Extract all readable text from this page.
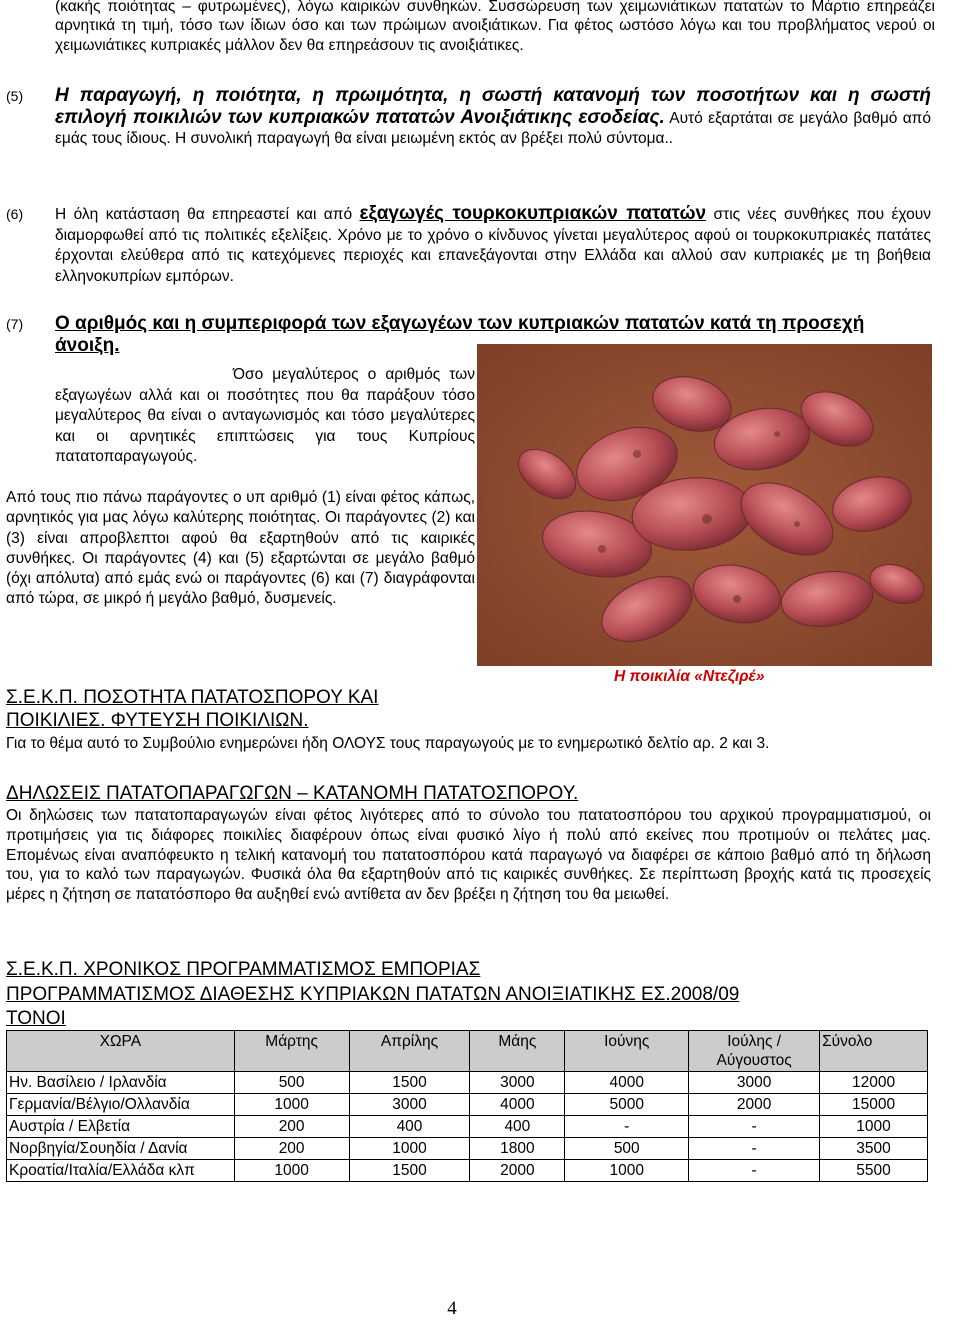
(κακής ποιότητας – φυτρωμένες), λόγω καιρικών συνθηκών. Συσσώρευση των χειμωνιάτικων πατατών το Μάρτιο επηρεάζει αρνητικά τη τιμή, τόσο των ίδιων όσο και των πρώιμων ανοιξιάτικων. Για φέτος ωστόσο λόγω και του προβλήματος νερού οι χειμωνιάτικες κυπριακές μάλλον δεν θα επηρεάσουν τις ανοιξιάτικες.

(5) Η παραγωγή, η ποιότητα, η πρωιμότητα, η σωστή κατανομή των ποσοτήτων και η σωστή επιλογή ποικιλιών των κυπριακών πατατών Ανοιξιάτικης εσοδείας. Αυτό εξαρτάται σε μεγάλο βαθμό από εμάς τους ίδιους. Η συνολική παραγωγή θα είναι μειωμένη εκτός αν βρέξει πολύ σύντομα..
(6) Η όλη κατάσταση θα επηρεαστεί και από εξαγωγές τουρκοκυπριακών πατατών στις νέες συνθήκες που έχουν διαμορφωθεί από τις πολιτικές εξελίξεις. Χρόνο με το χρόνο ο κίνδυνος γίνεται μεγαλύτερος αφού οι τουρκοκυπριακές πατάτες έρχονται ελεύθερα από τις κατεχόμενες περιοχές και επανεξάγονται στην Ελλάδα και αλλού σαν κυπριακές με τη βοήθεια ελληνοκυπρίων εμπόρων.
(7) Ο αριθμός και η συμπεριφορά των εξαγωγέων των κυπριακών πατατών κατά τη προσεχή άνοιξη.

Όσο μεγαλύτερος ο αριθμός των εξαγωγέων αλλά και οι ποσότητες που θα παράξουν τόσο μεγαλύτερος θα είναι ο ανταγωνισμός και τόσο μεγαλύτερες και οι αρνητικές επιπτώσεις για τους Κυπρίους πατατοπαραγωγούς.

Από τους πιο πάνω παράγοντες ο υπ αριθμό (1) είναι φέτος κάπως, αρνητικός για μας λόγω καλύτερης ποιότητας. Οι παράγοντες (2) και (3) είναι απροβλεπτοι αφού θα εξαρτηθούν από τις καιρικές συνθήκες. Οι παράγοντες (4) και (5) εξαρτώνται σε μεγάλο βαθμό (όχι απόλυτα) από εμάς ενώ οι παράγοντες (6) και (7) διαγράφονται από τώρα, σε μικρό ή μεγάλο βαθμό, δυσμενείς.

Η ποικιλία «Ντεζιρέ»
Σ.Ε.Κ.Π. ΠΟΣΟΤΗΤΑ ΠΑΤΑΤΟΣΠΟΡΟΥ ΚΑΙ ΠΟΙΚΙΛΙΕΣ. ΦΥΤΕΥΣΗ ΠΟΙΚΙΛΙΩΝ.

Για το θέμα αυτό το Συμβούλιο ενημερώνει ήδη ΟΛΟΥΣ τους παραγωγούς με το ενημερωτικό δελτίο αρ. 2 και 3.

ΔΗΛΩΣΕΙΣ ΠΑΤΑΤΟΠΑΡΑΓΩΓΩΝ – ΚΑΤΑΝΟΜΗ ΠΑΤΑΤΟΣΠΟΡΟΥ.

Οι δηλώσεις των πατατοπαραγωγών είναι φέτος λιγότερες από το σύνολο του πατατοσπόρου του αρχικού προγραμματισμού, οι προτιμήσεις για τις διάφορες ποικιλίες διαφέρουν όπως είναι φυσικό λίγο ή πολύ από εκείνες που προτιμούν οι πελάτες μας. Επομένως είναι αναπόφευκτο η τελική κατανομή του πατατοσπόρου κατά παραγωγό να διαφέρει σε κάποιο βαθμό από τη δήλωση του, για το καλό των παραγωγών. Φυσικά όλα θα εξαρτηθούν από τις καιρικές συνθήκες. Σε περίπτωση βροχής κατά τις προσεχείς μέρες η ζήτηση σε πατατόσπορο θα αυξηθεί ενώ αντίθετα αν δεν βρέξει η ζήτηση του θα μειωθεί.

Σ.Ε.Κ.Π. ΧΡΟΝΙΚΟΣ ΠΡΟΓΡΑΜΜΑΤΙΣΜΟΣ ΕΜΠΟΡΙΑΣ
ΠΡΟΓΡΑΜΜΑΤΙΣΜΟΣ ΔΙΑΘΕΣΗΣ ΚΥΠΡΙΑΚΩΝ ΠΑΤΑΤΩΝ ΑΝΟΙΞΙΑΤΙΚΗΣ ΕΣ.2008/09
ΤΟΝΟΙ
ΧΩΡΑ	Μάρτης	Απρίλης	Μάης	Ιούνης	Ιούλης / Αύγουστος	Σύνολο
Ην. Βασίλειο / Ιρλανδία	500	1500	3000	4000	3000	12000
Γερμανία/Βέλγιο/Ολλανδία	1000	3000	4000	5000	2000	15000
Αυστρία / Ελβετία	200	400	400	-	-	1000
Νορβηγία/Σουηδία / Δανία	200	1000	1800	500	-	3500
Κροατία/Ιταλία/Ελλάδα κλπ	1000	1500	2000	1000	-	5500
4
